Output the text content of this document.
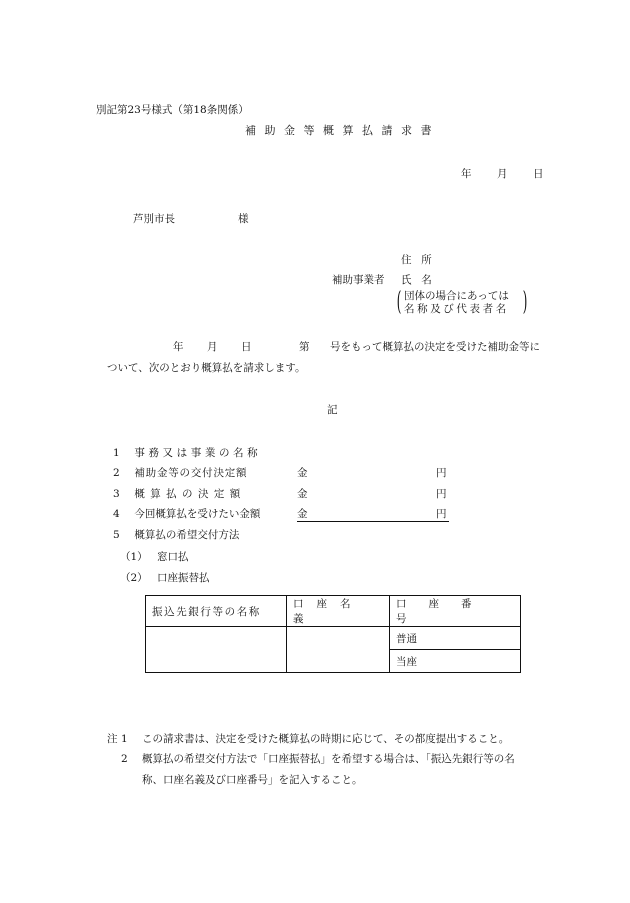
別記第23号様式（第18条関係）
補助金等概算払請求書
年 月 日
芦別市長	様
住 所
補助事業者 氏 名
( 団体の場合にあっては
名称及び代表者名 )
年 月 日	第 号をもって概算払の決定を受けた補助金等に
ついて、次のとおり概算払を請求します。
記
1 事務又は事業の名称
2 補助金等の交付決定額	金	円
3 概算払の決定額	金	円
4 今回概算払を受けたい金額	金	円
5 概算払の希望交付方法
（1） 窓口払
（2） 口座振替払
振込先銀行等の名称	口座名義	口座番号
		普通
		当座
注 1 この請求書は、決定を受けた概算払の時期に応じて、その都度提出すること。
2 概算払の希望交付方法で「口座振替払」を希望する場合は、「振込先銀行等の名
称、口座名義及び口座番号」を記入すること。
